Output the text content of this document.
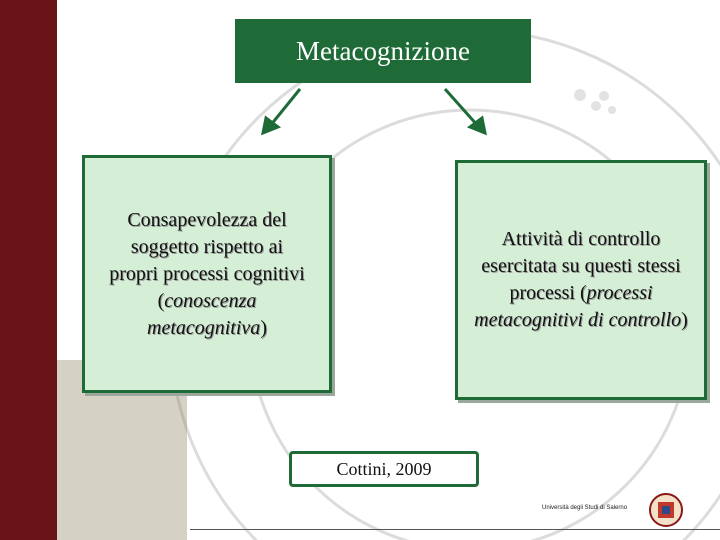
Metacognizione
Consapevolezza del
soggetto rispetto ai
propri processi cognitivi
(conoscenza
metacognitiva)
Attività di controllo
esercitata su questi stessi
processi (processi
metacognitivi di controllo)
Cottini, 2009
Università degli Studi di Salerno
